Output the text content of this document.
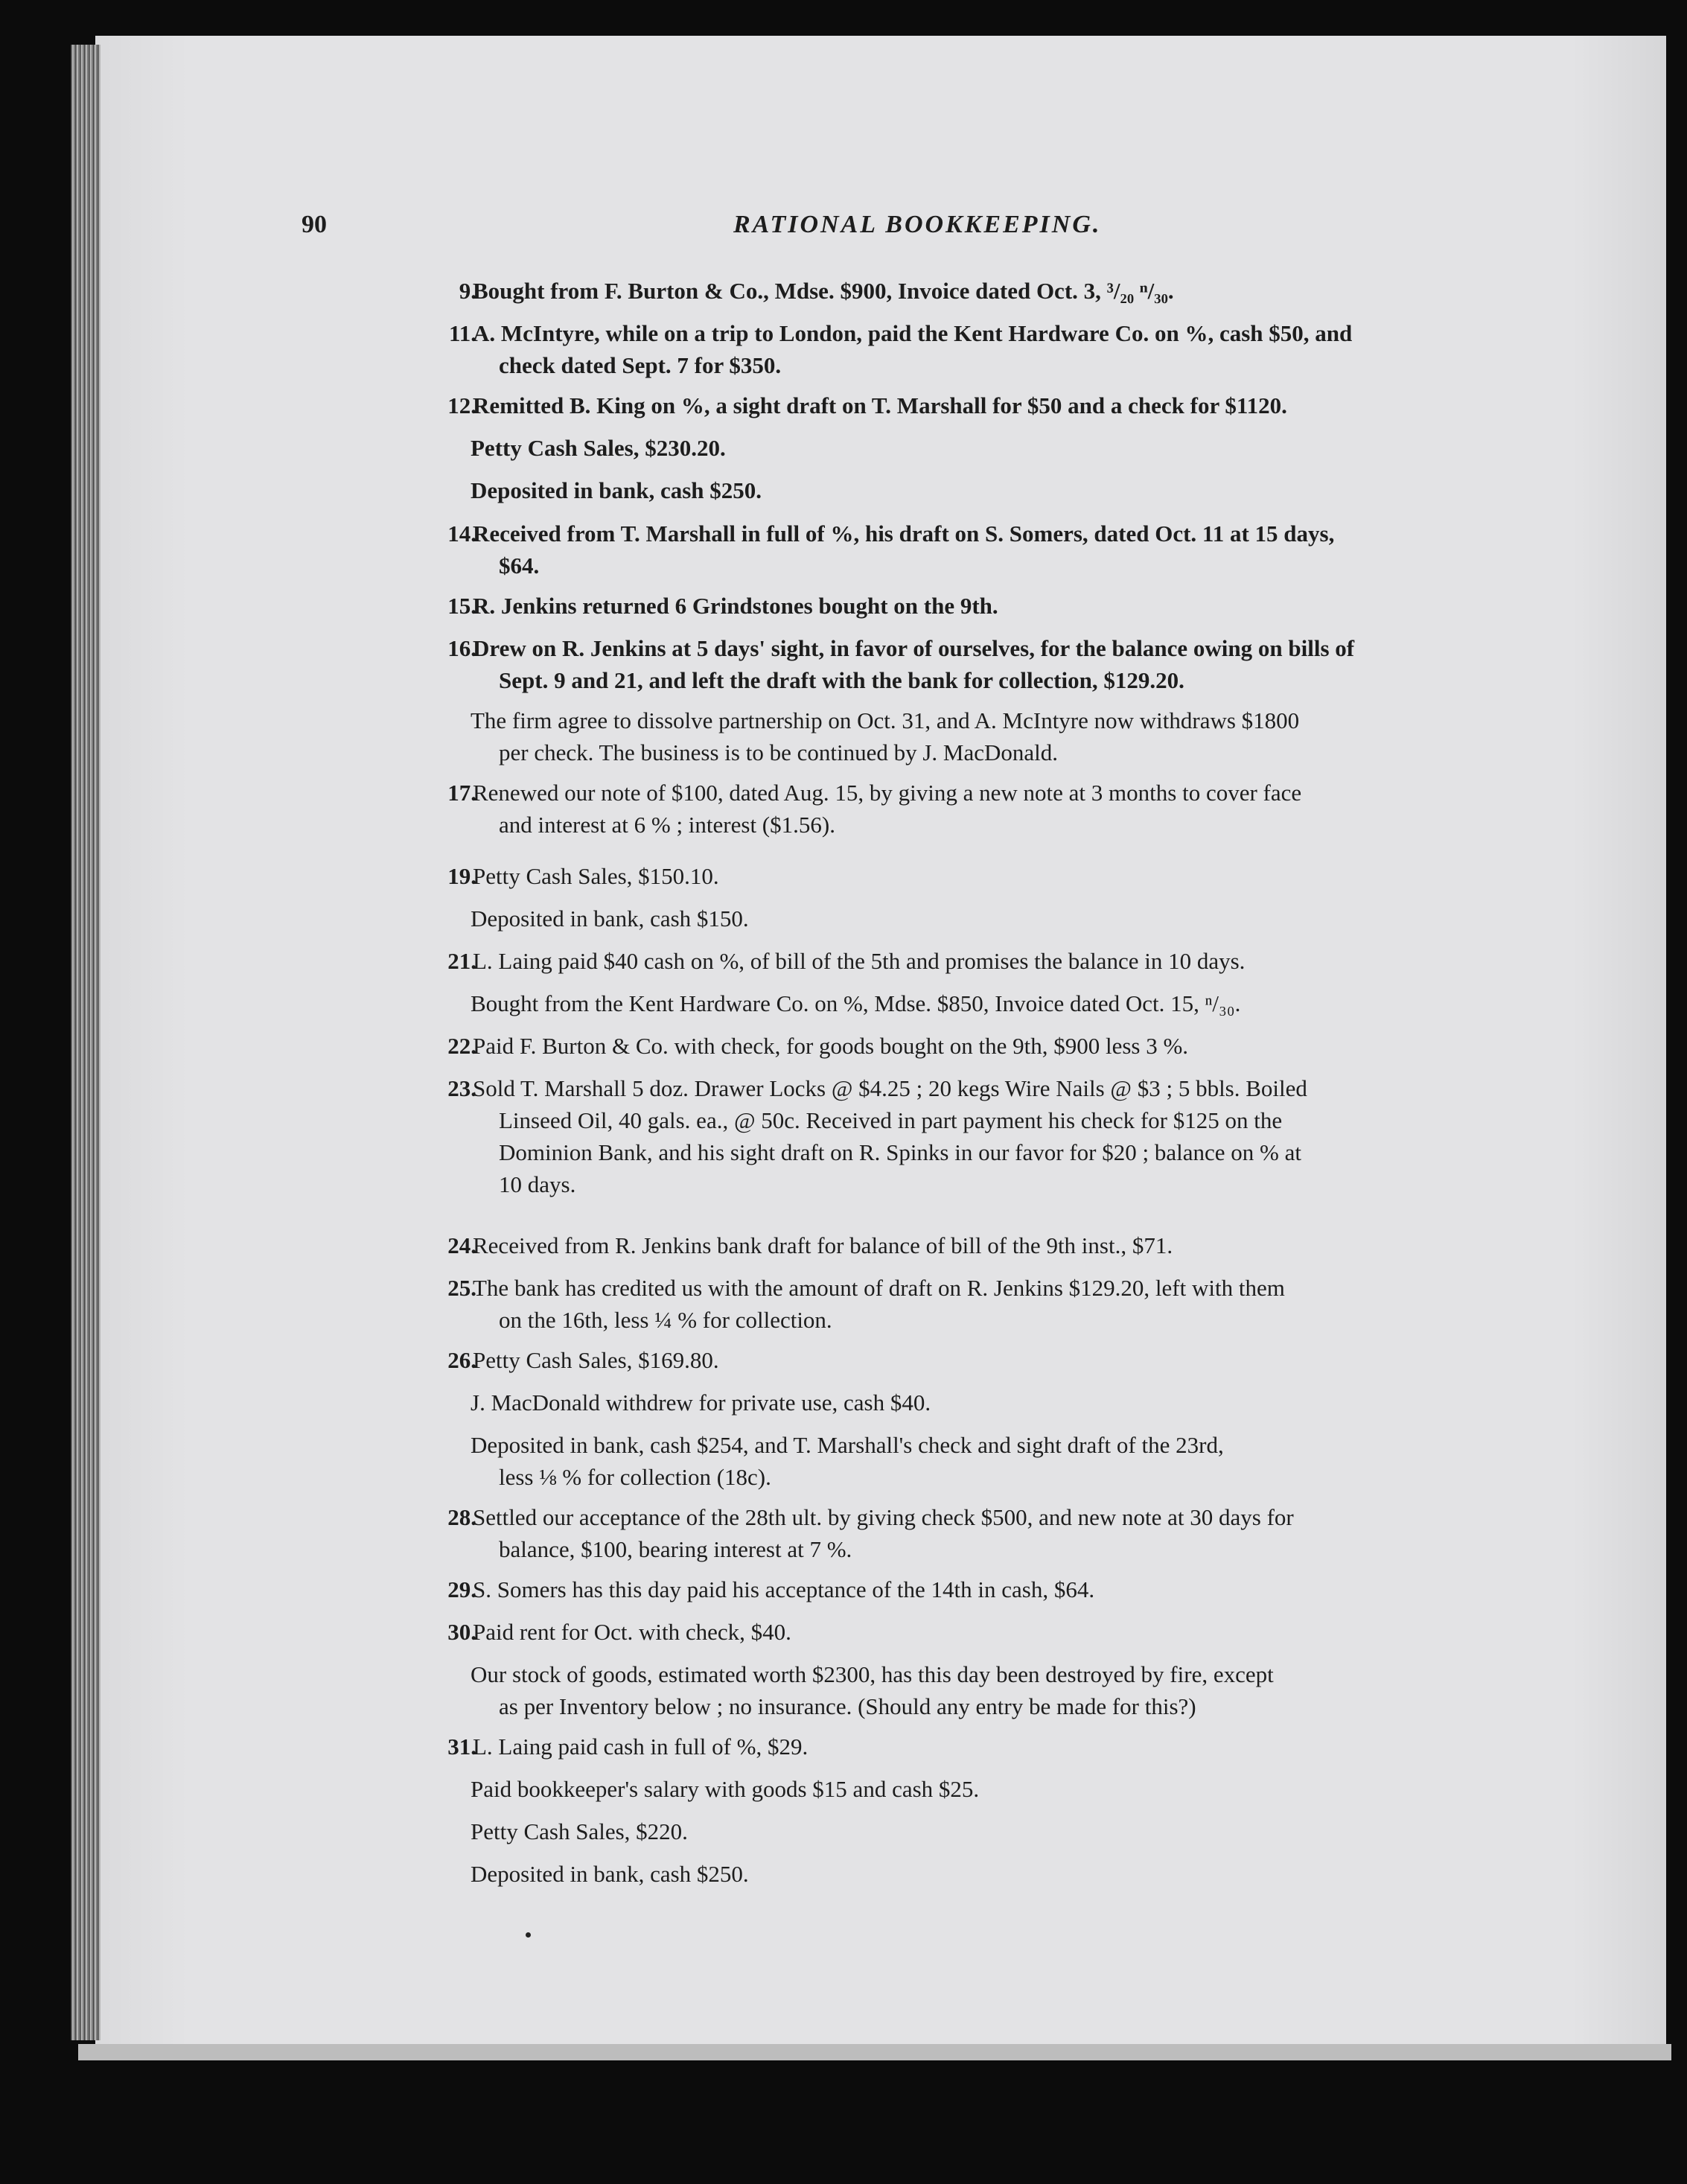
90	RATIONAL BOOKKEEPING.
9.
Bought from F. Burton & Co., Mdse. $900, Invoice dated Oct. 3, ³/₂₀ ⁿ/₃₀.
11.
A. McIntyre, while on a trip to London, paid the Kent Hardware Co. on %, cash $50, and
check dated Sept. 7 for $350.
12.
Remitted B. King on %, a sight draft on T. Marshall for $50 and a check for $1120.
Petty Cash Sales, $230.20.
Deposited in bank, cash $250.
14.
Received from T. Marshall in full of %, his draft on S. Somers, dated Oct. 11 at 15 days,
$64.
15.
R. Jenkins returned 6 Grindstones bought on the 9th.
16.
Drew on R. Jenkins at 5 days' sight, in favor of ourselves, for the balance owing on bills of
Sept. 9 and 21, and left the draft with the bank for collection, $129.20.
The firm agree to dissolve partnership on Oct. 31, and A. McIntyre now withdraws $1800
per check. The business is to be continued by J. MacDonald.
17.
Renewed our note of $100, dated Aug. 15, by giving a new note at 3 months to cover face
and interest at 6 % ; interest ($1.56).
19.
Petty Cash Sales, $150.10.
Deposited in bank, cash $150.
21.
L. Laing paid $40 cash on %, of bill of the 5th and promises the balance in 10 days.
Bought from the Kent Hardware Co. on %, Mdse. $850, Invoice dated Oct. 15, ⁿ/₃₀.
22.
Paid F. Burton & Co. with check, for goods bought on the 9th, $900 less 3 %.
23.
Sold T. Marshall 5 doz. Drawer Locks @ $4.25 ; 20 kegs Wire Nails @ $3 ; 5 bbls. Boiled
Linseed Oil, 40 gals. ea., @ 50c. Received in part payment his check for $125 on the
Dominion Bank, and his sight draft on R. Spinks in our favor for $20 ; balance on % at
10 days.
24.
Received from R. Jenkins bank draft for balance of bill of the 9th inst., $71.
25.
The bank has credited us with the amount of draft on R. Jenkins $129.20, left with them
on the 16th, less ¼ % for collection.
26.
Petty Cash Sales, $169.80.
J. MacDonald withdrew for private use, cash $40.
Deposited in bank, cash $254, and T. Marshall's check and sight draft of the 23rd,
less ⅛ % for collection (18c).
28.
Settled our acceptance of the 28th ult. by giving check $500, and new note at 30 days for
balance, $100, bearing interest at 7 %.
29.
S. Somers has this day paid his acceptance of the 14th in cash, $64.
30.
Paid rent for Oct. with check, $40.
Our stock of goods, estimated worth $2300, has this day been destroyed by fire, except
as per Inventory below ; no insurance. (Should any entry be made for this?)
31.
L. Laing paid cash in full of %, $29.
Paid bookkeeper's salary with goods $15 and cash $25.
Petty Cash Sales, $220.
Deposited in bank, cash $250.
